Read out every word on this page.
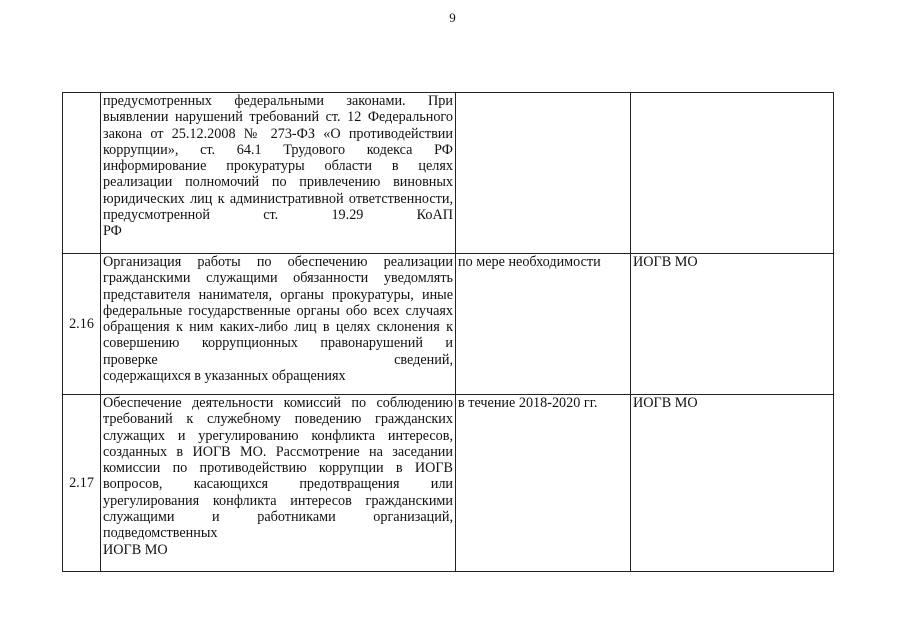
9

	предусмотренных федеральными законами. При выявлении нарушений требований ст. 12 Федерального закона от 25.12.2008 № 273-ФЗ «О противодействии коррупции», ст. 64.1 Трудового кодекса РФ информирование прокуратуры области в целях реализации полномочий по привлечению виновных юридических лиц к административной ответственности, предусмотренной ст. 19.29 КоАП
РФ		
2.16	Организация работы по обеспечению реализации гражданскими служащими обязанности уведомлять представителя нанимателя, органы прокуратуры, иные федеральные государственные органы обо всех случаях обращения к ним каких-либо лиц в целях склонения к совершению коррупционных правонарушений и проверке сведений,
содержащихся в указанных обращениях	по мере необходимости	ИОГВ МО
2.17	Обеспечение деятельности комиссий по соблюдению требований к служебному поведению гражданских служащих и урегулированию конфликта интересов, созданных в ИОГВ МО. Рассмотрение на заседании комиссии по противодействию коррупции в ИОГВ вопросов, касающихся предотвращения или урегулирования конфликта интересов гражданскими служащими и работниками организаций, подведомственных
ИОГВ МО	в течение 2018-2020 гг.	ИОГВ МО
